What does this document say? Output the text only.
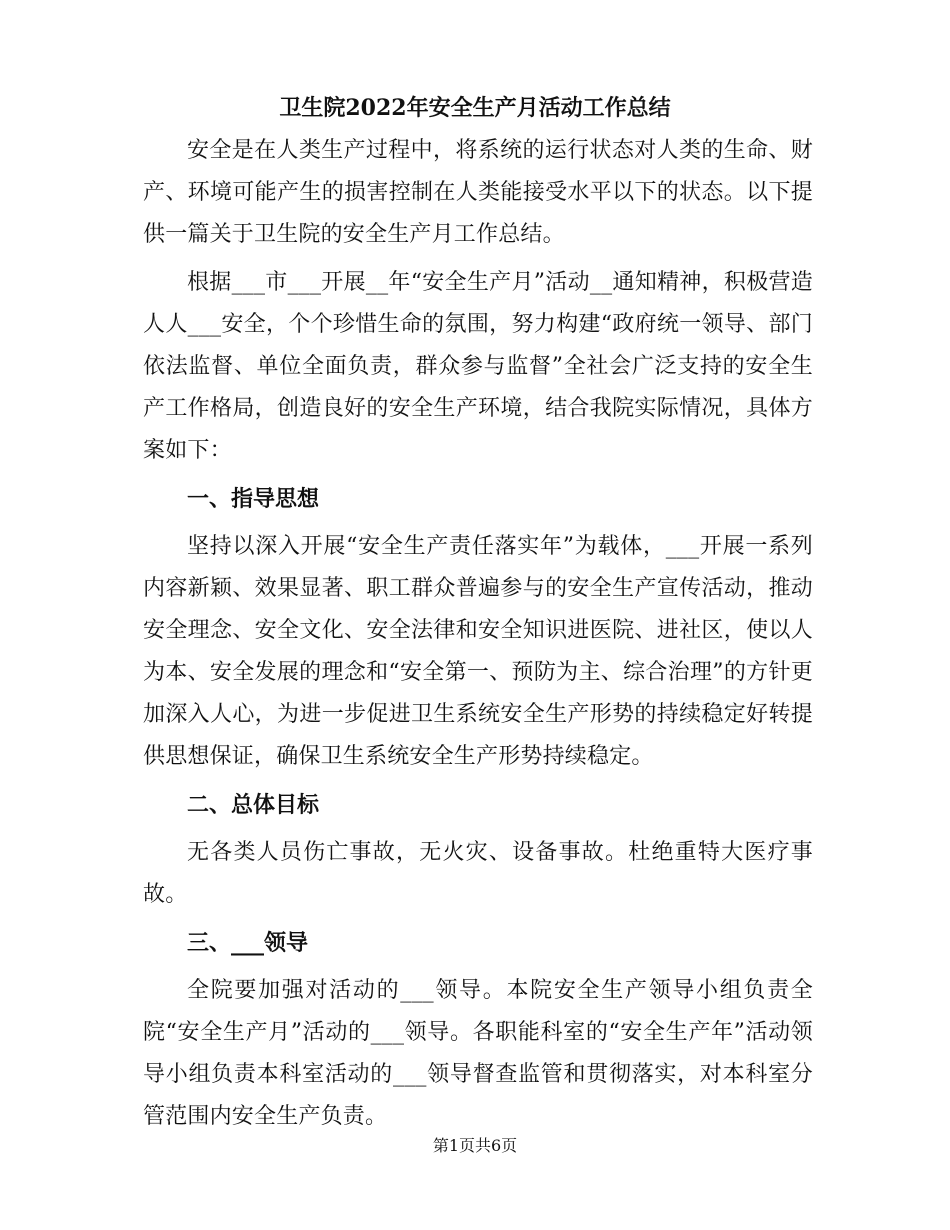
卫生院2022年安全生产月活动工作总结

安全是在人类生产过程中，将系统的运行状态对人类的生命、财产、环境可能产生的损害控制在人类能接受水平以下的状态。以下提供一篇关于卫生院的安全生产月工作总结。

根据___市___开展__年“安全生产月”活动__通知精神，积极营造人人___安全，个个珍惜生命的氛围，努力构建“政府统一领导、部门依法监督、单位全面负责，群众参与监督”全社会广泛支持的安全生产工作格局，创造良好的安全生产环境，结合我院实际情况，具体方案如下：

一、指导思想

坚持以深入开展“安全生产责任落实年”为载体，___开展一系列内容新颖、效果显著、职工群众普遍参与的安全生产宣传活动，推动安全理念、安全文化、安全法律和安全知识进医院、进社区，使以人为本、安全发展的理念和“安全第一、预防为主、综合治理”的方针更加深入人心，为进一步促进卫生系统安全生产形势的持续稳定好转提供思想保证，确保卫生系统安全生产形势持续稳定。

二、总体目标

无各类人员伤亡事故，无火灾、设备事故。杜绝重特大医疗事故。

三、___领导

全院要加强对活动的___领导。本院安全生产领导小组负责全院“安全生产月”活动的___领导。各职能科室的“安全生产年”活动领导小组负责本科室活动的___领导督查监管和贯彻落实，对本科室分管范围内安全生产负责。

第1页共6页
